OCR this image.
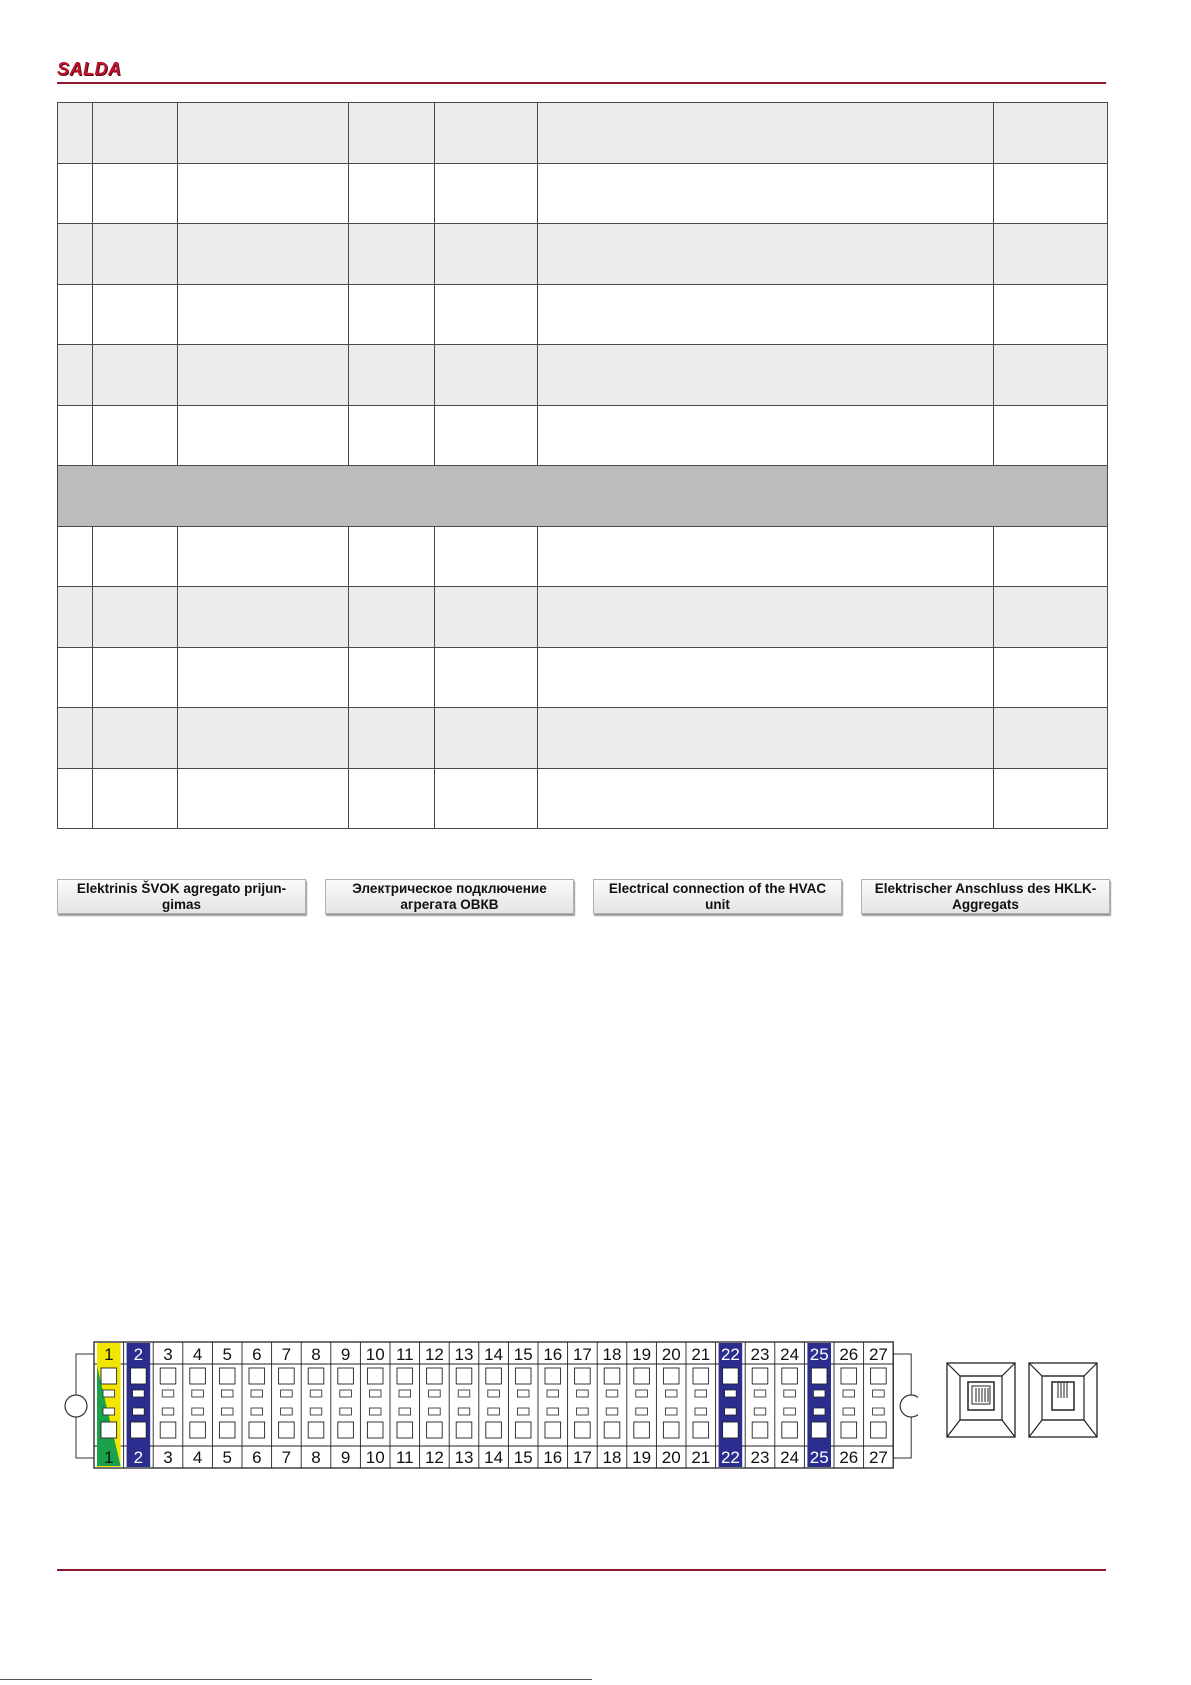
SALDA

Elektrinis ŠVOK agregato prijun-gimas
Электрическое подключение агрегата ОВКВ
Electrical connection of the HVAC unit
Elektrischer Anschluss des HKLK-Aggregats
1
1
2
2
3
3
4
4
5
5
6
6
7
7
8
8
9
9
10
10
11
11
12
12
13
13
14
14
15
15
16
16
17
17
18
18
19
19
20
20
21
21
22
22
23
23
24
24
25
25
26
26
27
27
